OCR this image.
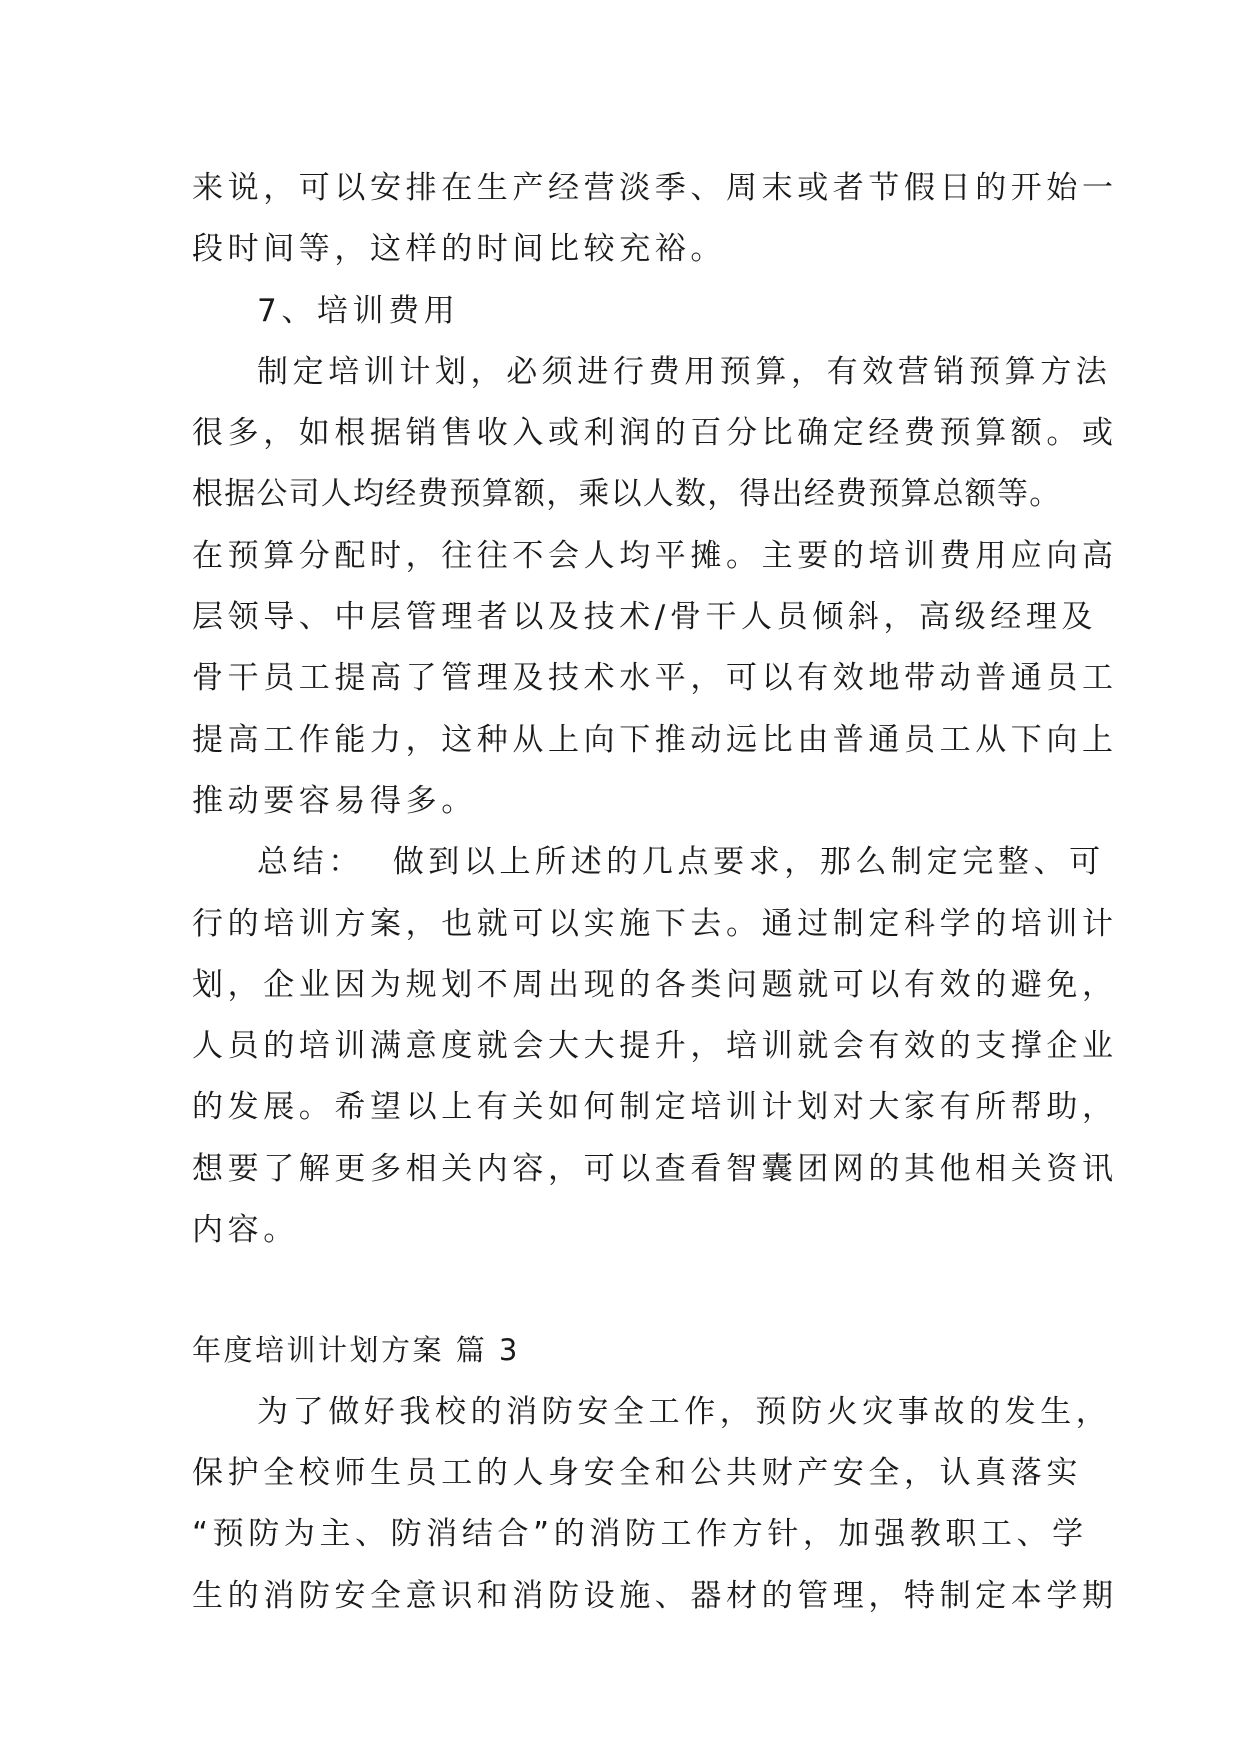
来说，可以安排在生产经营淡季、周末或者节假日的开始一
段时间等，这样的时间比较充裕。
7、培训费用
制定培训计划，必须进行费用预算，有效营销预算方法
很多，如根据销售收入或利润的百分比确定经费预算额。或
根据公司人均经费预算额，乘以人数，得出经费预算总额等。
在预算分配时，往往不会人均平摊。主要的培训费用应向高
层领导、中层管理者以及技术/骨干人员倾斜，高级经理及
骨干员工提高了管理及技术水平，可以有效地带动普通员工
提高工作能力，这种从上向下推动远比由普通员工从下向上
推动要容易得多。
总结：  做到以上所述的几点要求，那么制定完整、可
行的培训方案，也就可以实施下去。通过制定科学的培训计
划，企业因为规划不周出现的各类问题就可以有效的避免，
人员的培训满意度就会大大提升，培训就会有效的支撑企业
的发展。希望以上有关如何制定培训计划对大家有所帮助，
想要了解更多相关内容，可以查看智囊团网的其他相关资讯
内容。
年度培训计划方案 篇 3
为了做好我校的消防安全工作，预防火灾事故的发生，
保护全校师生员工的人身安全和公共财产安全，认真落实
“预防为主、防消结合”的消防工作方针，加强教职工、学
生的消防安全意识和消防设施、器材的管理，特制定本学期
